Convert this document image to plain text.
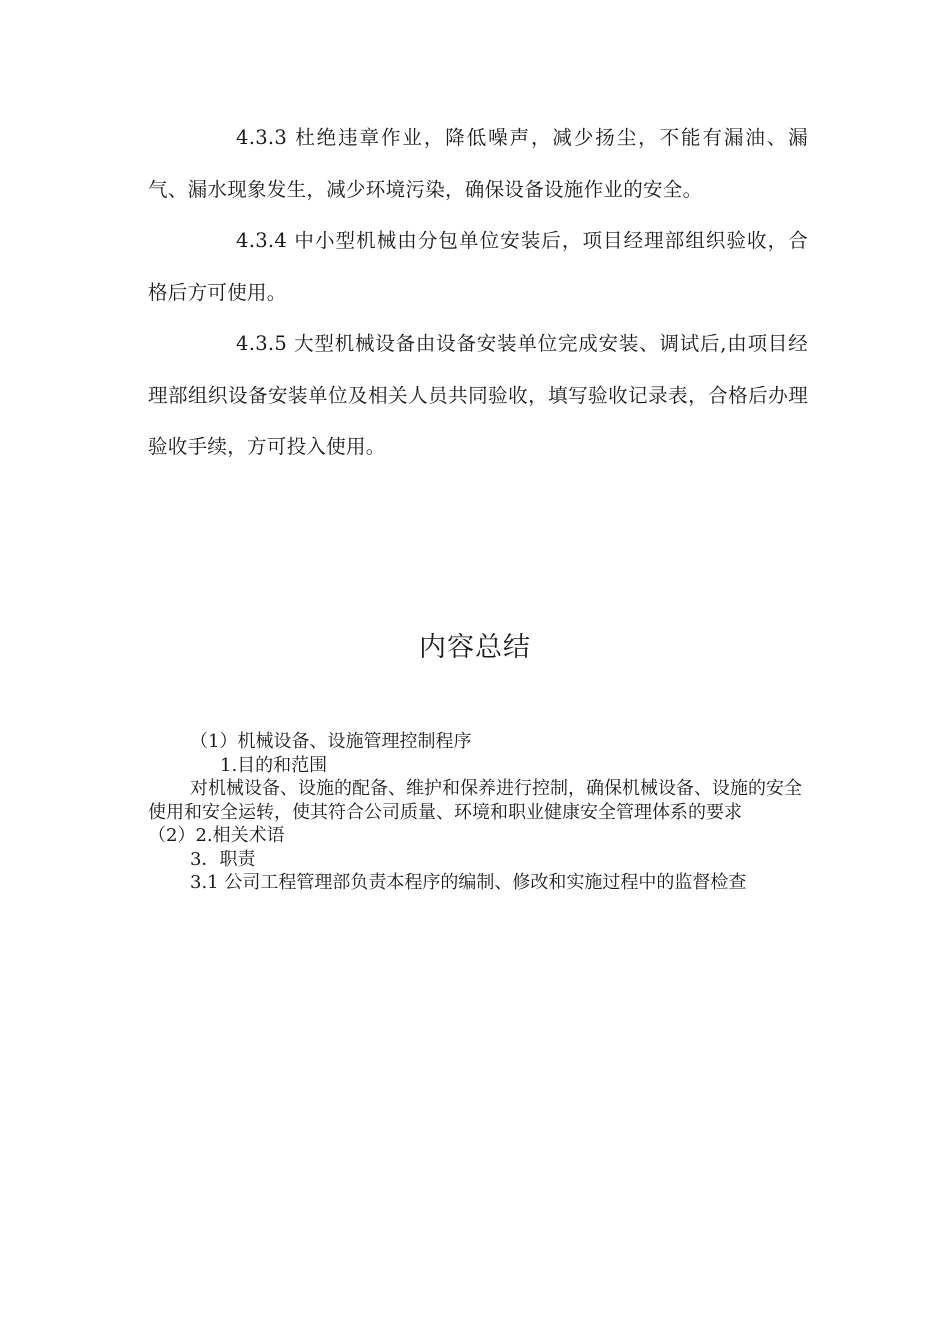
4.3.3 杜绝违章作业，降低噪声，减少扬尘，不能有漏油、漏气、漏水现象发生，减少环境污染，确保设备设施作业的安全。

4.3.4 中小型机械由分包单位安装后，项目经理部组织验收，合格后方可使用。

4.3.5 大型机械设备由设备安装单位完成安装、调试后,由项目经理部组织设备安装单位及相关人员共同验收，填写验收记录表，合格后办理验收手续，方可投入使用。

内容总结

（1）机械设备、设施管理控制程序

1.目的和范围

对机械设备、设施的配备、维护和保养进行控制，确保机械设备、设施的安全使用和安全运转，使其符合公司质量、环境和职业健康安全管理体系的要求

（2）2.相关术语

3．职责

3.1 公司工程管理部负责本程序的编制、修改和实施过程中的监督检查
